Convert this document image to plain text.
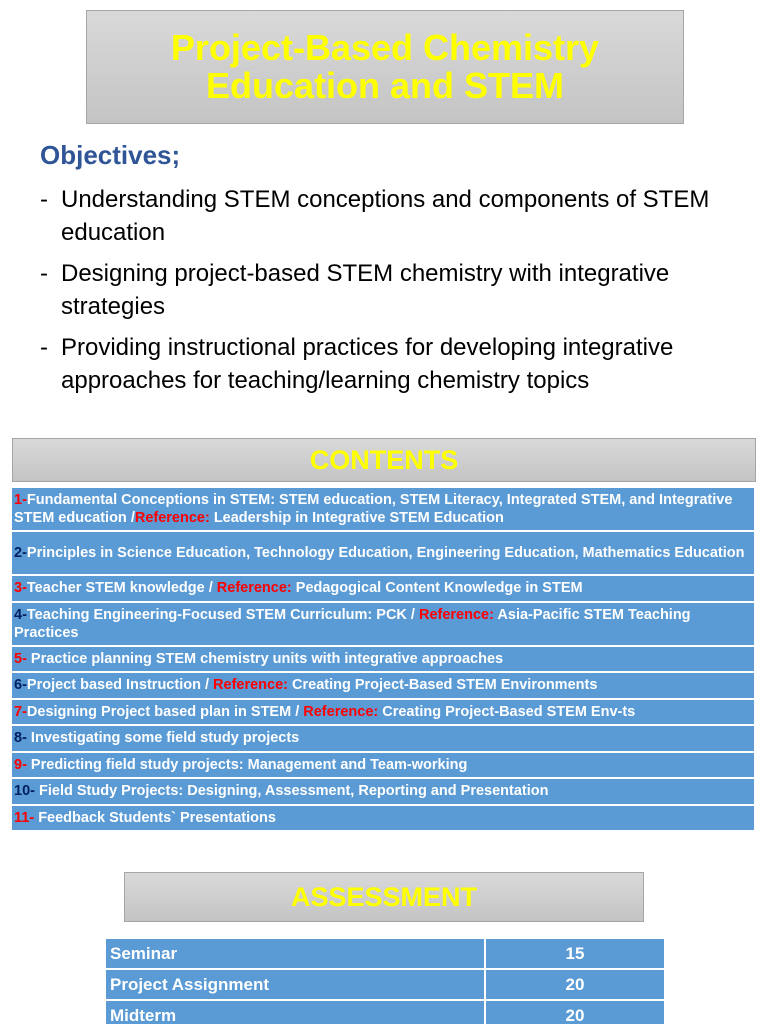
Project-Based Chemistry
Education and STEM
Objectives;
- Understanding STEM conceptions and components of STEM education
- Designing project-based STEM chemistry with integrative strategies
- Providing instructional practices for developing integrative approaches for teaching/learning chemistry topics
CONTENTS
1-Fundamental Conceptions in STEM: STEM education, STEM Literacy, Integrated STEM, and Integrative STEM education /Reference: Leadership in Integrative STEM Education
2-Principles in Science Education, Technology Education, Engineering Education, Mathematics Education
3-Teacher STEM knowledge / Reference: Pedagogical Content Knowledge in STEM
4-Teaching Engineering-Focused STEM Curriculum: PCK / Reference: Asia-Pacific STEM Teaching Practices
5- Practice planning STEM chemistry units with integrative approaches
6-Project based Instruction / Reference: Creating Project-Based STEM Environments
7-Designing Project based plan in STEM / Reference: Creating Project-Based STEM Env-ts
8- Investigating some field study projects
9- Predicting field study projects: Management and Team-working
10- Field Study Projects: Designing, Assessment, Reporting and Presentation
11- Feedback Students` Presentations
ASSESSMENT
Seminar	15
Project Assignment	20
Midterm	20
